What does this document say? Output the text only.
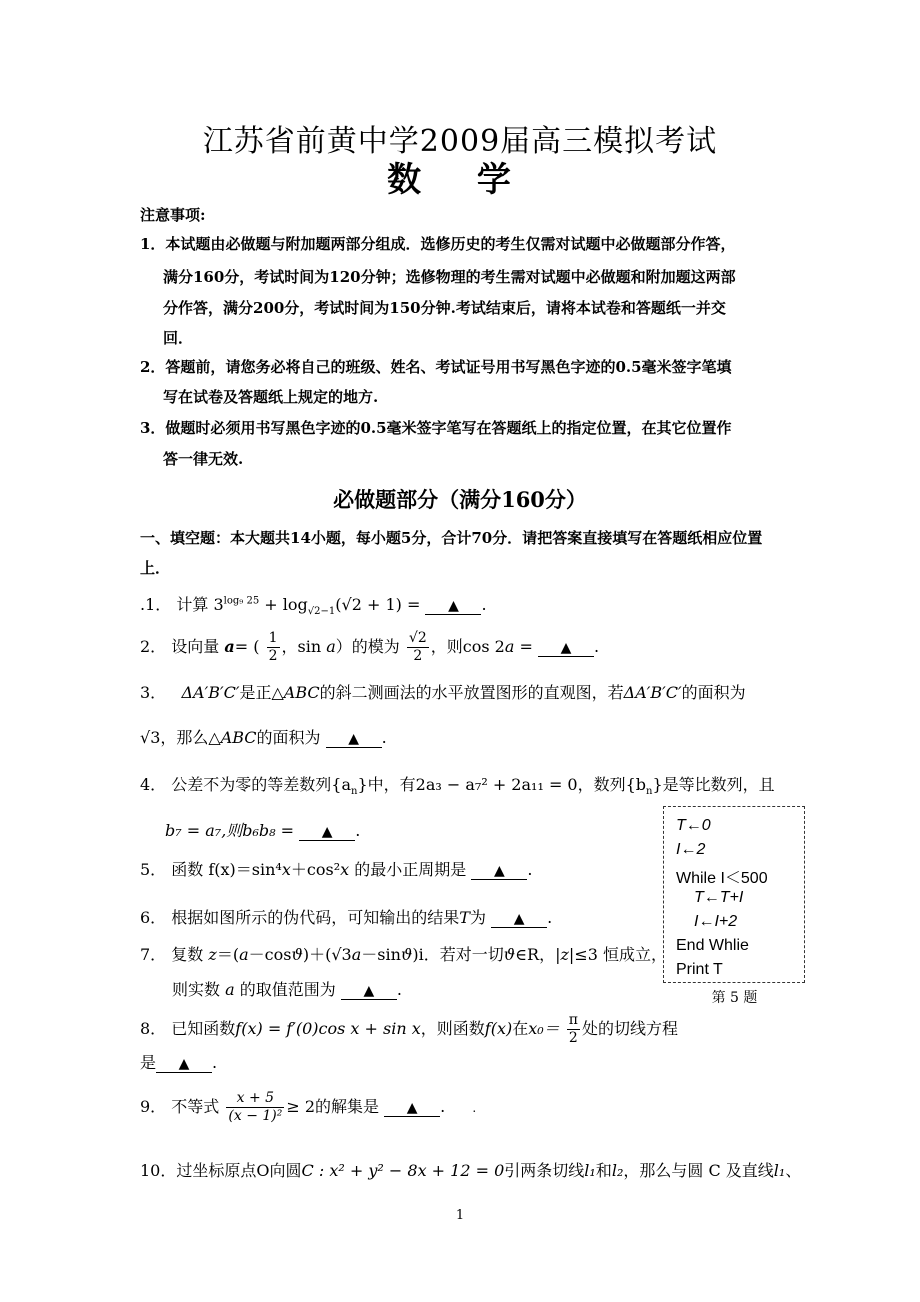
江苏省前黄中学2009届高三模拟考试
数 学
注意事项:
1．本试题由必做题与附加题两部分组成．选修历史的考生仅需对试题中必做题部分作答，
满分160分，考试时间为120分钟；选修物理的考生需对试题中必做题和附加题这两部
分作答，满分200分，考试时间为150分钟.考试结束后，请将本试卷和答题纸一并交
回．
2．答题前，请您务必将自己的班级、姓名、考试证号用书写黑色字迹的0.5毫米签字笔填
写在试卷及答题纸上规定的地方.
3．做题时必须用书写黑色字迹的0.5毫米签字笔写在答题纸上的指定位置，在其它位置作
答一律无效.
必做题部分（满分160分）
一、填空题：本大题共14小题，每小题5分，合计70分．请把答案直接填写在答题纸相应位置
上．
.1． 计算 $3^{log_9 25} + \log_{√2-1}(√2 + 1)$ = ▲ .
2． 设向量 a= ( $\frac{1}{2}$ ，sin a）的模为 $\frac{√2}{2}$ ，则cos 2a = ▲ .
3． ΔA′B′C′是正△ABC的斜二测画法的水平放置图形的直观图，若ΔA′B′C′的面积为
√3，那么△ABC的面积为 ▲ .
4． 公差不为零的等差数列$\{a_n\}$中，有2a₃ − a₇² + 2a₁₁ = 0，数列$\{b_n\}$是等比数列，且
b₇ = a₇,则b₆b₈ = ▲ .
5． 函数 f(x)＝sin⁴x＋cos²x 的最小正周期是 ▲ .
6． 根据如图所示的伪代码，可知输出的结果T为 ▲ .
7． 复数 z＝(a－cosϑ)＋(√3a－sinϑ)i．若对一切ϑ∈R，|z|≤3 恒成立，
则实数 a 的取值范围为 ▲ .
8． 已知函数f(x) = f′(0)cos x + sin x，则函数f(x)在$x_0= \frac{\pi}{2}$ 处的切线方程
是 ▲ .
9． 不等式 $\frac{x + 5}{\text{(x − 1)²}} \ge 2$的解集是 ▲ . .
10．过坐标原点O向圆C : x² + y² − 8x + 12 = 0引两条切线l₁和l₂，那么与圆 C 及直线l₁、
T←0
I←2
While I＜500
T←T+I
I←I+2
End Whlie
Print T
第 5 题
1
